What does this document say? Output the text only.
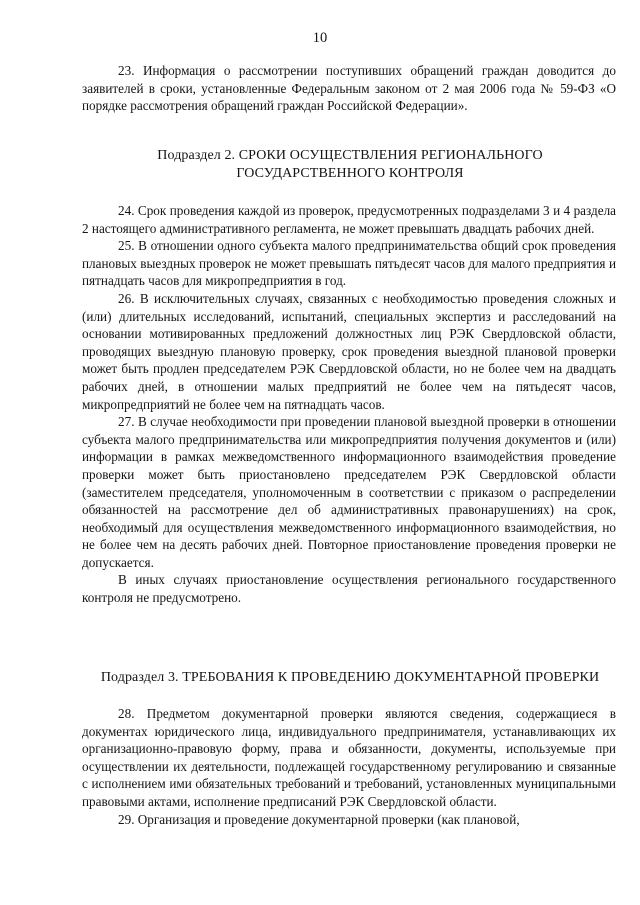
10

23. Информация о рассмотрении поступивших обращений граждан доводится до заявителей в сроки, установленные Федеральным законом от 2 мая 2006 года № 59-ФЗ «О порядке рассмотрения обращений граждан Российской Федерации».

Подраздел 2. СРОКИ ОСУЩЕСТВЛЕНИЯ РЕГИОНАЛЬНОГО
ГОСУДАРСТВЕННОГО КОНТРОЛЯ

24. Срок проведения каждой из проверок, предусмотренных подразделами 3 и 4 раздела 2 настоящего административного регламента, не может превышать двадцать рабочих дней.

25. В отношении одного субъекта малого предпринимательства общий срок проведения плановых выездных проверок не может превышать пятьдесят часов для малого предприятия и пятнадцать часов для микропредприятия в год.

26. В исключительных случаях, связанных с необходимостью проведения сложных и (или) длительных исследований, испытаний, специальных экспертиз и расследований на основании мотивированных предложений должностных лиц РЭК Свердловской области, проводящих выездную плановую проверку, срок проведения выездной плановой проверки может быть продлен председателем РЭК Свердловской области, но не более чем на двадцать рабочих дней, в отношении малых предприятий не более чем на пятьдесят часов, микропредприятий не более чем на пятнадцать часов.

27. В случае необходимости при проведении плановой выездной проверки в отношении субъекта малого предпринимательства или микропредприятия получения документов и (или) информации в рамках межведомственного информационного взаимодействия проведение проверки может быть приостановлено председателем РЭК Свердловской области (заместителем председателя, уполномоченным в соответствии с приказом о распределении обязанностей на рассмотрение дел об административных правонарушениях) на срок, необходимый для осуществления межведомственного информационного взаимодействия, но не более чем на десять рабочих дней. Повторное приостановление проведения проверки не допускается.

В иных случаях приостановление осуществления регионального государственного контроля не предусмотрено.

Подраздел 3. ТРЕБОВАНИЯ К ПРОВЕДЕНИЮ ДОКУМЕНТАРНОЙ ПРОВЕРКИ

28. Предметом документарной проверки являются сведения, содержащиеся в документах юридического лица, индивидуального предпринимателя, устанавливающих их организационно-правовую форму, права и обязанности, документы, используемые при осуществлении их деятельности, подлежащей государственному регулированию и связанные с исполнением ими обязательных требований и требований, установленных муниципальными правовыми актами, исполнение предписаний РЭК Свердловской области.

29. Организация и проведение документарной проверки (как плановой,
